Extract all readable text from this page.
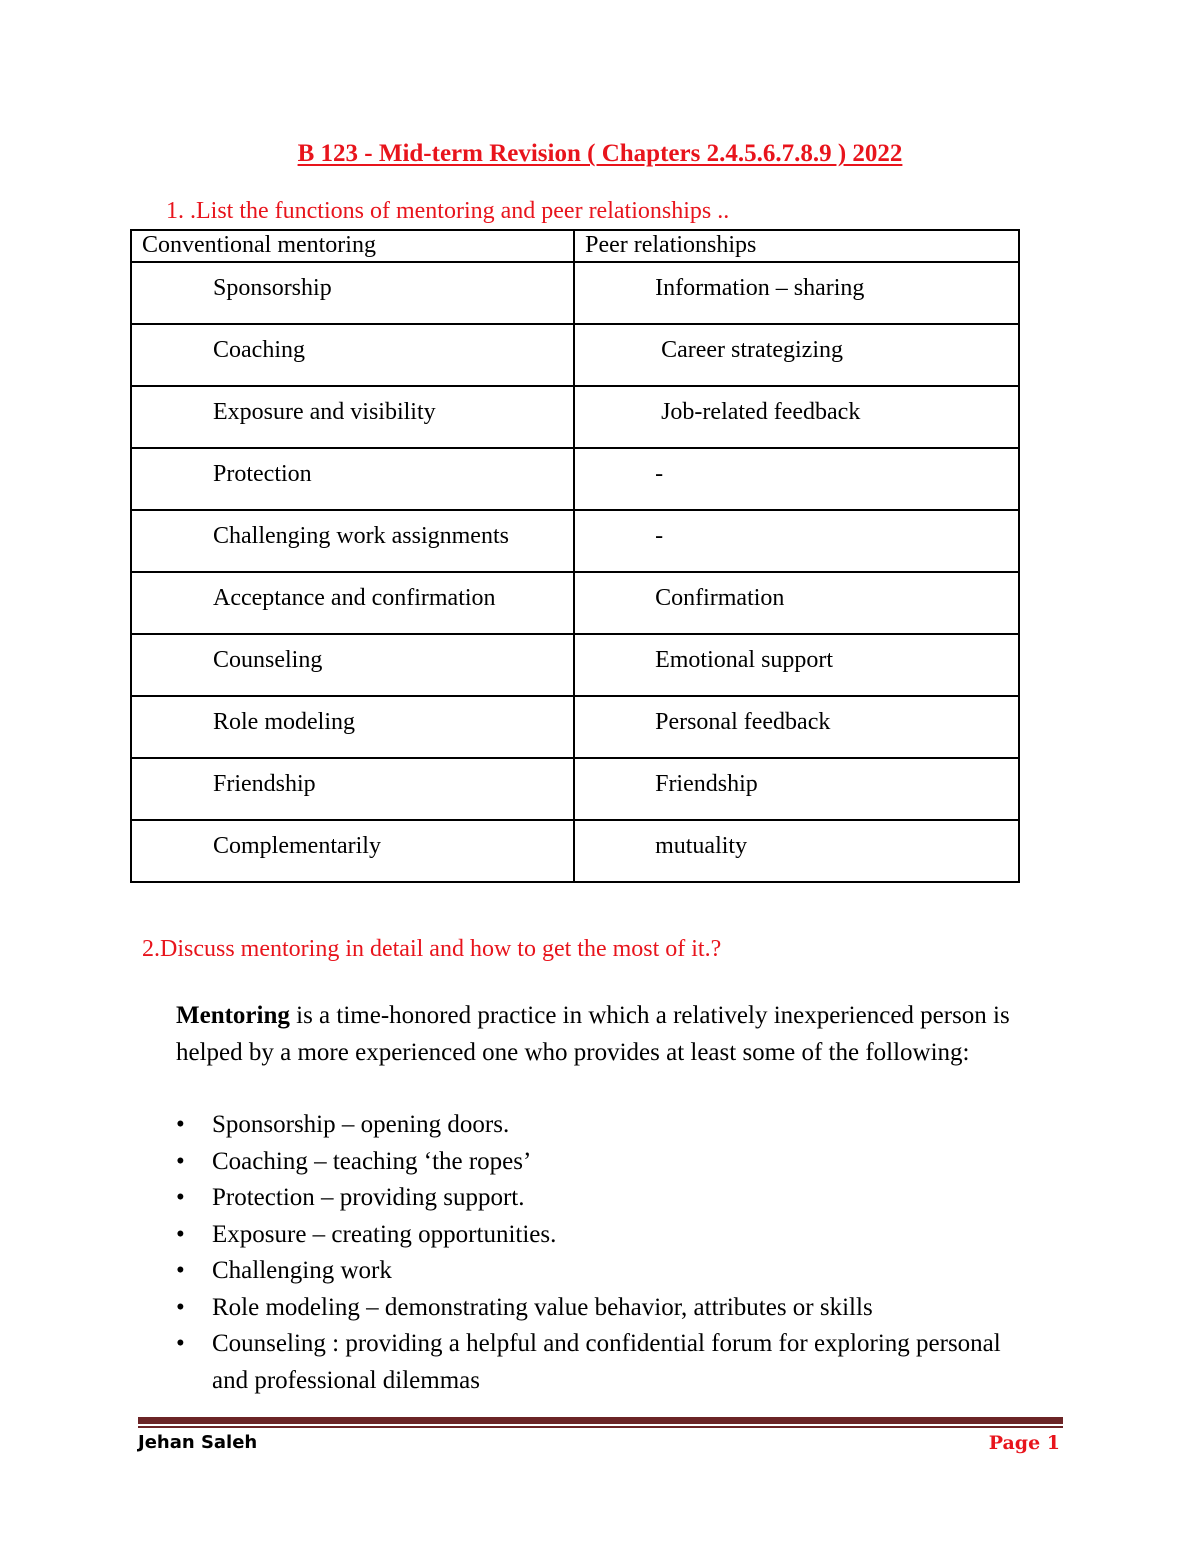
B 123 - Mid-term Revision ( Chapters 2.4.5.6.7.8.9 ) 2022
1. .List the functions of mentoring and peer relationships ..
Conventional mentoring	Peer relationships

Sponsorship	Information – sharing

Coaching	Career strategizing

Exposure and visibility	Job-related feedback

Protection	-

Challenging work assignments	-

Acceptance and confirmation	Confirmation

Counseling	Emotional support

Role modeling	Personal feedback

Friendship	Friendship

Complementarily	mutuality
2.Discuss mentoring in detail and how to get the most of it.?
Mentoring is a time-honored practice in which a relatively inexperienced person is helped by a more experienced one who provides at least some of the following:
• Sponsorship – opening doors.
• Coaching – teaching ‘the ropes’
• Protection – providing support.
• Exposure – creating opportunities.
• Challenging work
• Role modeling – demonstrating value behavior, attributes or skills
• Counseling : providing a helpful and confidential forum for exploring personal and professional dilemmas
Jehan Saleh	Page 1
